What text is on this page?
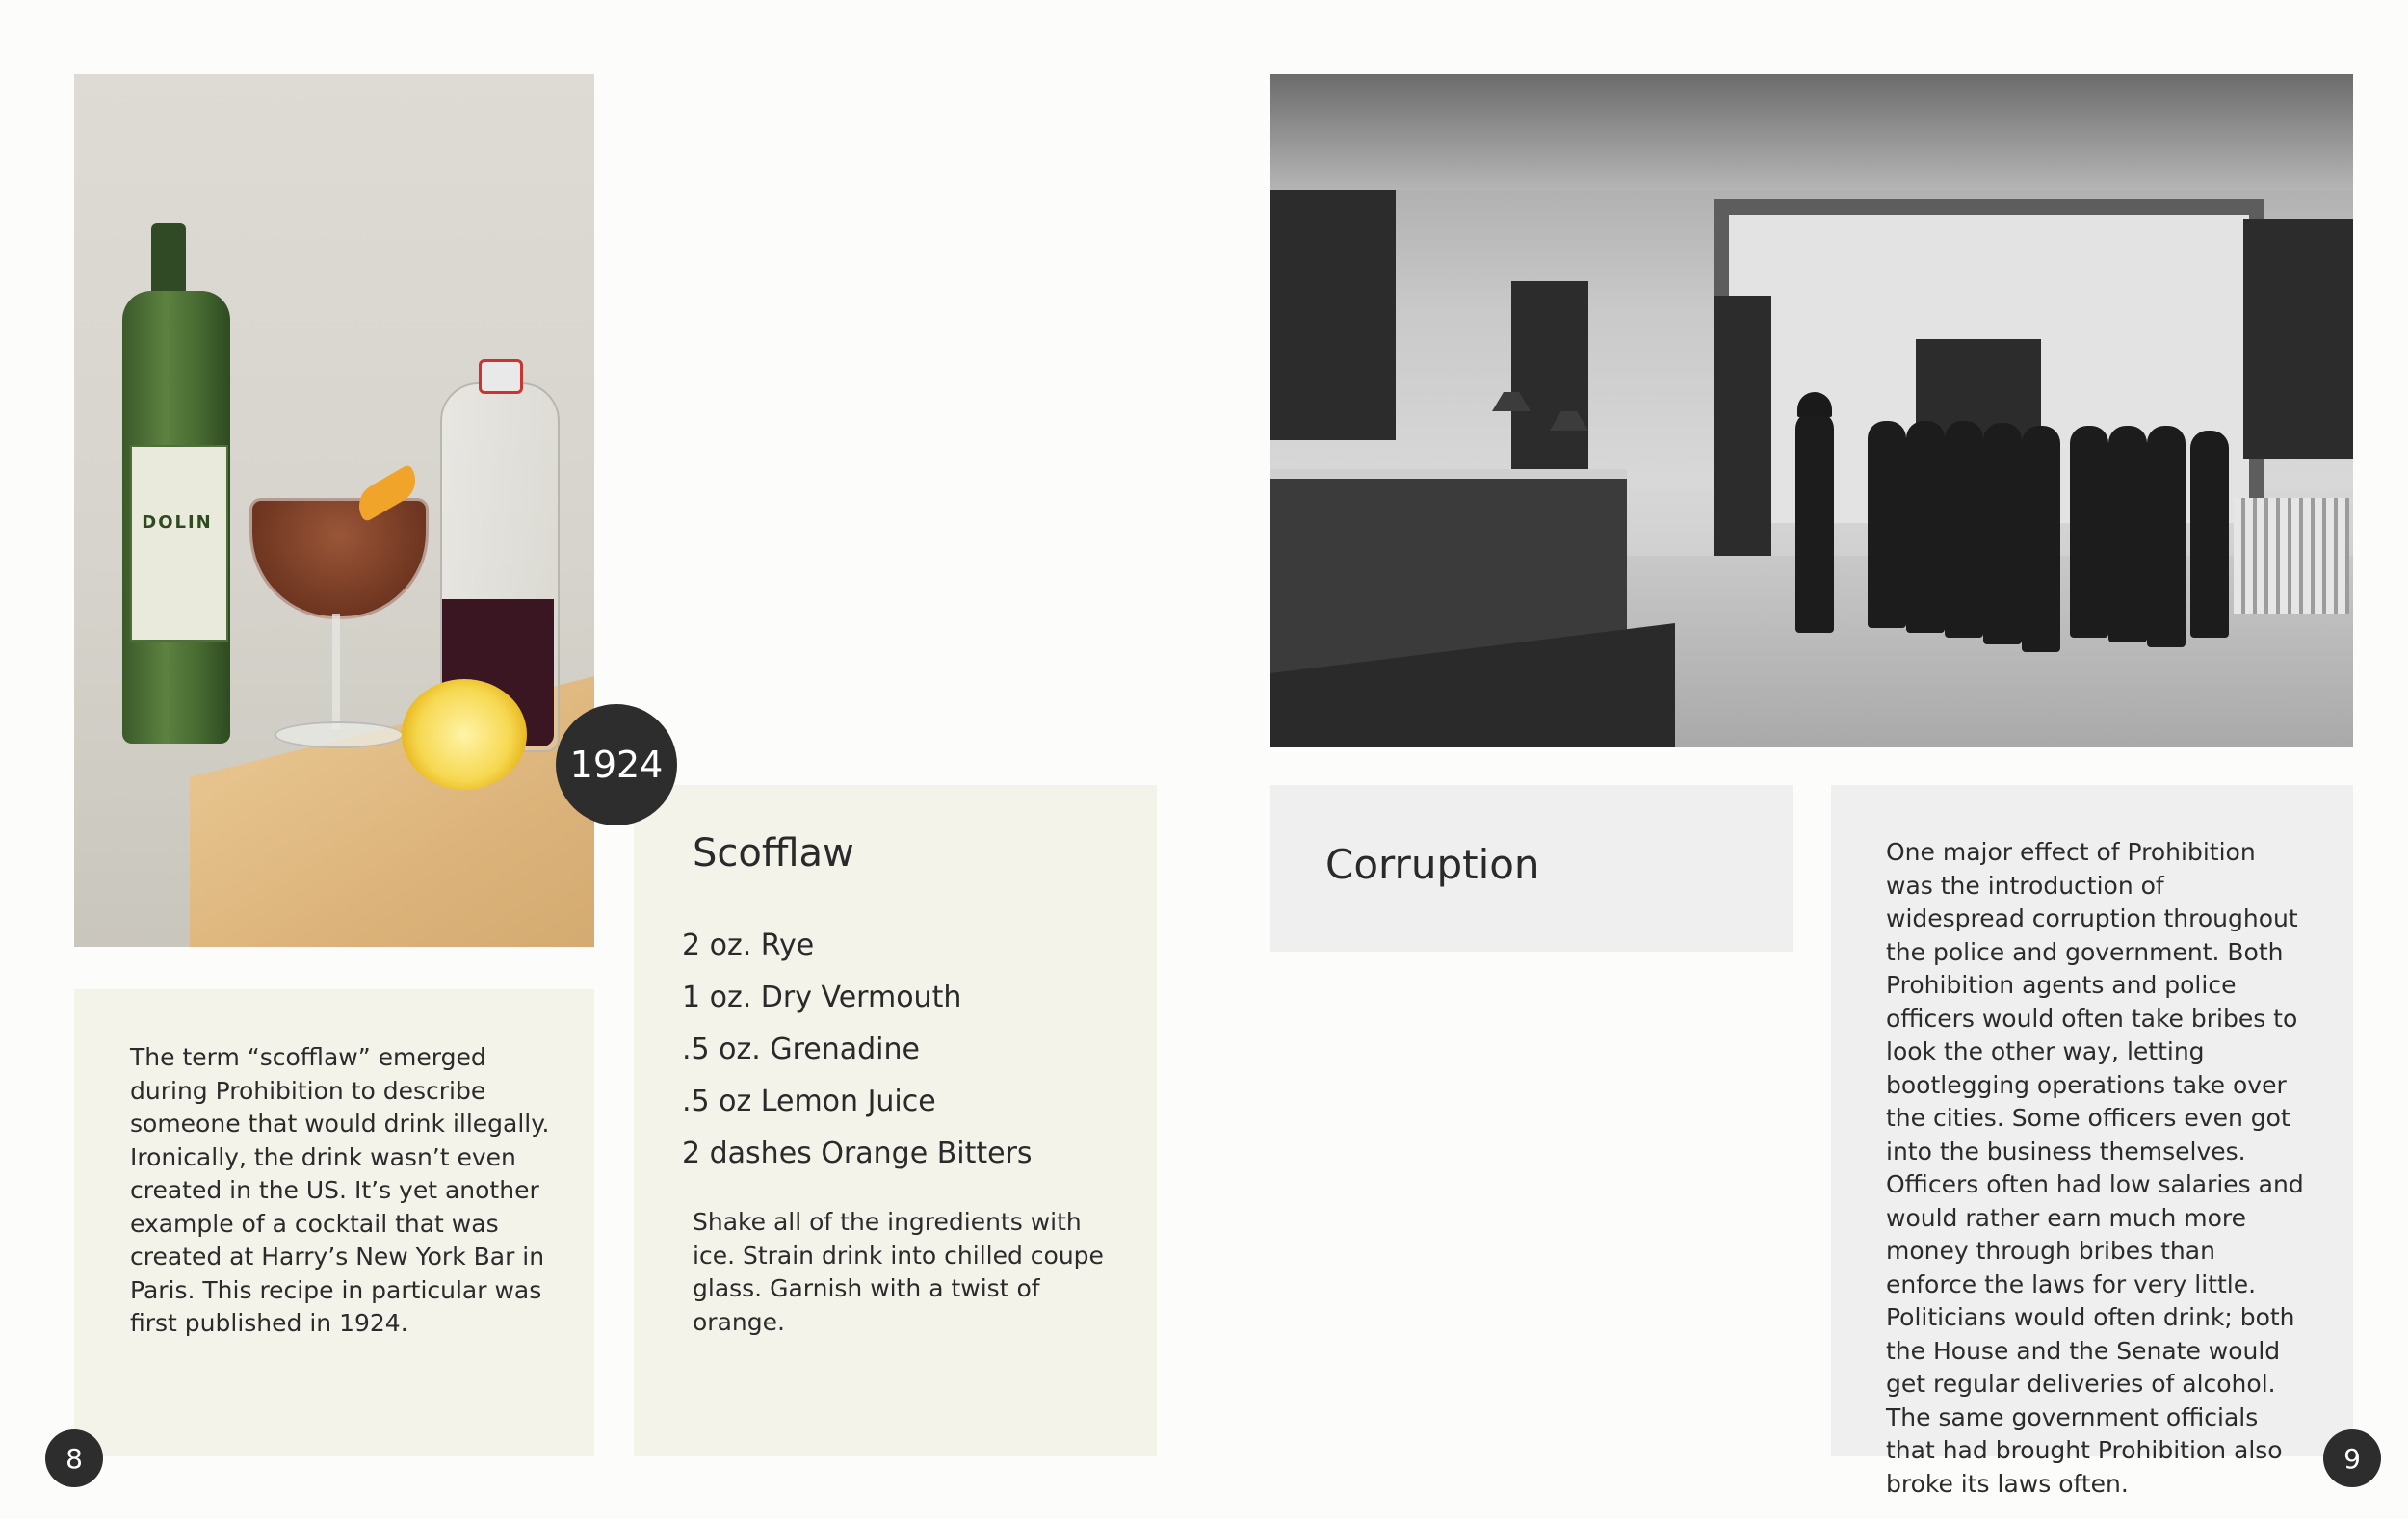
DOLIN
The term “scofflaw” emerged during Prohibition to describe someone that would drink illegally. Ironically, the drink wasn’t even created in the US. It’s yet another example of a cocktail that was created at Harry’s New York Bar in Paris. This recipe in particular was first published in 1924.
Scofflaw
2 oz. Rye
1 oz. Dry Vermouth
.5 oz. Grenadine
.5 oz Lemon Juice
2 dashes Orange Bitters
Shake all of the ingredients with ice. Strain drink into chilled coupe glass. Garnish with a twist of orange.
1924
Corruption	One major effect of Prohibition was the introduction of widespread corruption throughout the police and government. Both Prohibition agents and police officers would often take bribes to look the other way, letting bootlegging operations take over the cities. Some officers even got into the business themselves. Officers often had low salaries and would rather earn much more money through bribes than enforce the laws for very little. Politicians would often drink; both the House and the Senate would get regular deliveries of alcohol. The same government officials that had brought Prohibition also broke its laws often.
8	9
